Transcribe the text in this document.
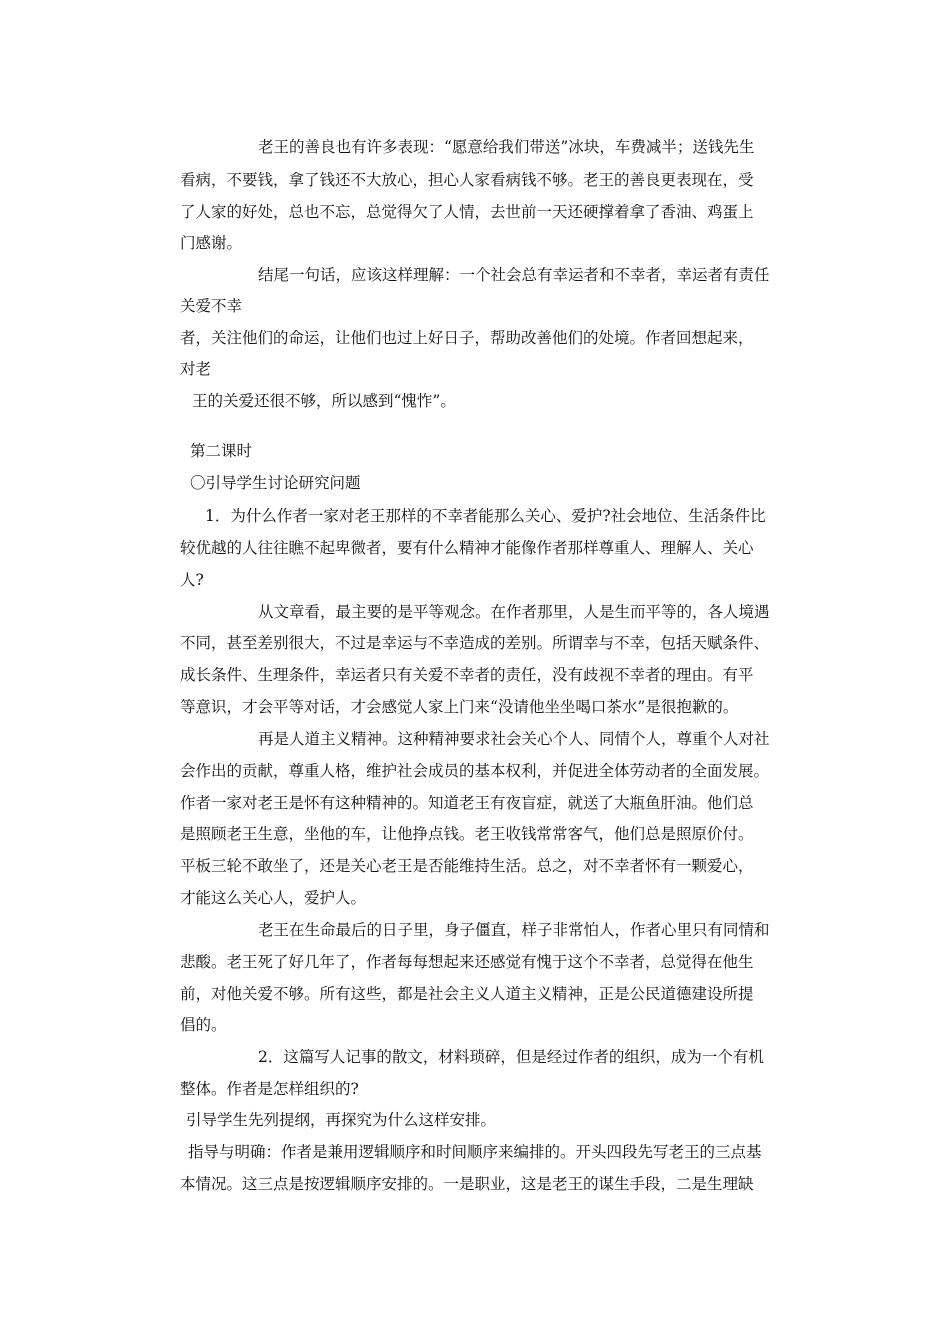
老王的善良也有许多表现：“愿意给我们带送”冰块，车费减半；送钱先生
看病，不要钱，拿了钱还不大放心，担心人家看病钱不够。老王的善良更表现在，受
了人家的好处，总也不忘，总觉得欠了人情，去世前一天还硬撑着拿了香油、鸡蛋上
门感谢。
结尾一句话，应该这样理解：一个社会总有幸运者和不幸者，幸运者有责任
关爱不幸
者，关注他们的命运，让他们也过上好日子，帮助改善他们的处境。作者回想起来，
对老
王的关爱还很不够，所以感到“愧怍”。
第二课时
〇引导学生讨论研究问题
1．为什么作者一家对老王那样的不幸者能那么关心、爱护?社会地位、生活条件比
较优越的人往往瞧不起卑微者，要有什么精神才能像作者那样尊重人、理解人、关心
人?
从文章看，最主要的是平等观念。在作者那里，人是生而平等的，各人境遇
不同，甚至差别很大，不过是幸运与不幸造成的差别。所谓幸与不幸，包括天赋条件、
成长条件、生理条件，幸运者只有关爱不幸者的责任，没有歧视不幸者的理由。有平
等意识，才会平等对话，才会感觉人家上门来“没请他坐坐喝口茶水”是很抱歉的。
再是人道主义精神。这种精神要求社会关心个人、同情个人，尊重个人对社
会作出的贡献，尊重人格，维护社会成员的基本权利，并促进全体劳动者的全面发展。
作者一家对老王是怀有这种精神的。知道老王有夜盲症，就送了大瓶鱼肝油。他们总
是照顾老王生意，坐他的车，让他挣点钱。老王收钱常常客气，他们总是照原价付。
平板三轮不敢坐了，还是关心老王是否能维持生活。总之，对不幸者怀有一颗爱心，
才能这么关心人，爱护人。
老王在生命最后的日子里，身子僵直，样子非常怕人，作者心里只有同情和
悲酸。老王死了好几年了，作者每每想起来还感觉有愧于这个不幸者，总觉得在他生
前，对他关爱不够。所有这些，都是社会主义人道主义精神，正是公民道德建设所提
倡的。
2．这篇写人记事的散文，材料琐碎，但是经过作者的组织，成为一个有机
整体。作者是怎样组织的?
引导学生先列提纲，再探究为什么这样安排。
指导与明确：作者是兼用逻辑顺序和时间顺序来编排的。开头四段先写老王的三点基
本情况。这三点是按逻辑顺序安排的。一是职业，这是老王的谋生手段，二是生理缺
